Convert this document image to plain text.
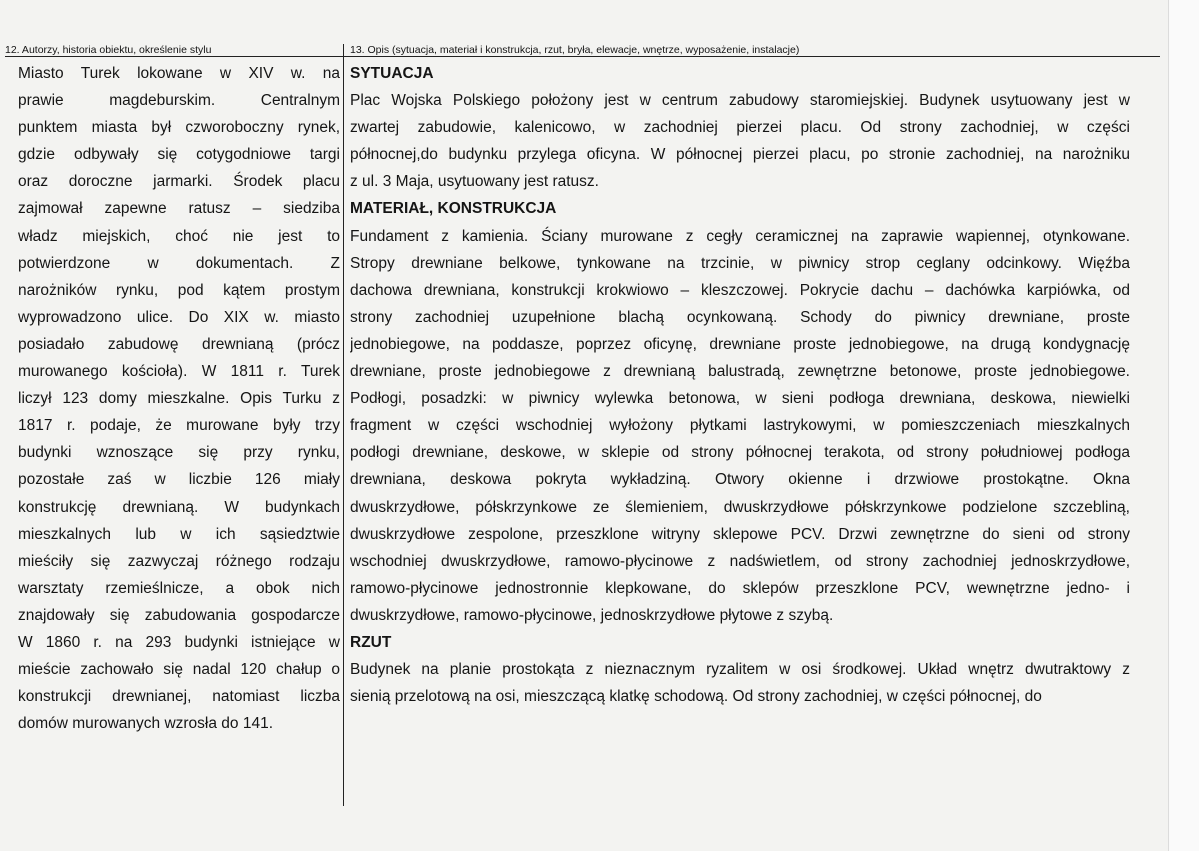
12. Autorzy, historia obiektu, określenie stylu	13. Opis (sytuacja, materiał i konstrukcja, rzut, bryła, elewacje, wnętrze, wyposażenie, instalacje)
Miasto Turek lokowane w XIV w. na
prawie magdeburskim. Centralnym
punktem miasta był czworoboczny rynek,
gdzie odbywały się cotygodniowe targi
oraz doroczne jarmarki. Środek placu
zajmował zapewne ratusz – siedziba
władz miejskich, choć nie jest to
potwierdzone w dokumentach. Z
narożników rynku, pod kątem prostym
wyprowadzono ulice. Do XIX w. miasto
posiadało zabudowę drewnianą (prócz
murowanego kościoła). W 1811 r. Turek
liczył 123 domy mieszkalne. Opis Turku z
1817 r. podaje, że murowane były trzy
budynki wznoszące się przy rynku,
pozostałe zaś w liczbie 126 miały
konstrukcję drewnianą. W budynkach
mieszkalnych lub w ich sąsiedztwie
mieściły się zazwyczaj różnego rodzaju
warsztaty rzemieślnicze, a obok nich
znajdowały się zabudowania gospodarcze
W 1860 r. na 293 budynki istniejące w
mieście zachowało się nadal 120 chałup o
konstrukcji drewnianej, natomiast liczba
domów murowanych wzrosła do 141.
SYTUACJA
Plac Wojska Polskiego położony jest w centrum zabudowy staromiejskiej. Budynek usytuowany jest w
zwartej zabudowie, kalenicowo, w zachodniej pierzei placu. Od strony zachodniej, w części
północnej,do budynku przylega oficyna. W północnej pierzei placu, po stronie zachodniej, na narożniku
z ul. 3 Maja, usytuowany jest ratusz.
MATERIAŁ, KONSTRUKCJA
Fundament z kamienia. Ściany murowane z cegły ceramicznej na zaprawie wapiennej, otynkowane.
Stropy drewniane belkowe, tynkowane na trzcinie, w piwnicy strop ceglany odcinkowy. Więźba
dachowa drewniana, konstrukcji krokwiowo – kleszczowej. Pokrycie dachu – dachówka karpiówka, od
strony zachodniej uzupełnione blachą ocynkowaną. Schody do piwnicy drewniane, proste
jednobiegowe, na poddasze, poprzez oficynę, drewniane proste jednobiegowe, na drugą kondygnację
drewniane, proste jednobiegowe z drewnianą balustradą, zewnętrzne betonowe, proste jednobiegowe.
Podłogi, posadzki: w piwnicy wylewka betonowa, w sieni podłoga drewniana, deskowa, niewielki
fragment w części wschodniej wyłożony płytkami lastrykowymi, w pomieszczeniach mieszkalnych
podłogi drewniane, deskowe, w sklepie od strony północnej terakota, od strony południowej podłoga
drewniana, deskowa pokryta wykładziną. Otwory okienne i drzwiowe prostokątne. Okna
dwuskrzydłowe, półskrzynkowe ze ślemieniem, dwuskrzydłowe półskrzynkowe podzielone szczebliną,
dwuskrzydłowe zespolone, przeszklone witryny sklepowe PCV. Drzwi zewnętrzne do sieni od strony
wschodniej dwuskrzydłowe, ramowo-płycinowe z nadświetlem, od strony zachodniej jednoskrzydłowe,
ramowo-płycinowe jednostronnie klepkowane, do sklepów przeszklone PCV, wewnętrzne jedno- i
dwuskrzydłowe, ramowo-płycinowe, jednoskrzydłowe płytowe z szybą.
RZUT
Budynek na planie prostokąta z nieznacznym ryzalitem w osi środkowej. Układ wnętrz dwutraktowy z
sienią przelotową na osi, mieszczącą klatkę schodową. Od strony zachodniej, w części północnej, do
